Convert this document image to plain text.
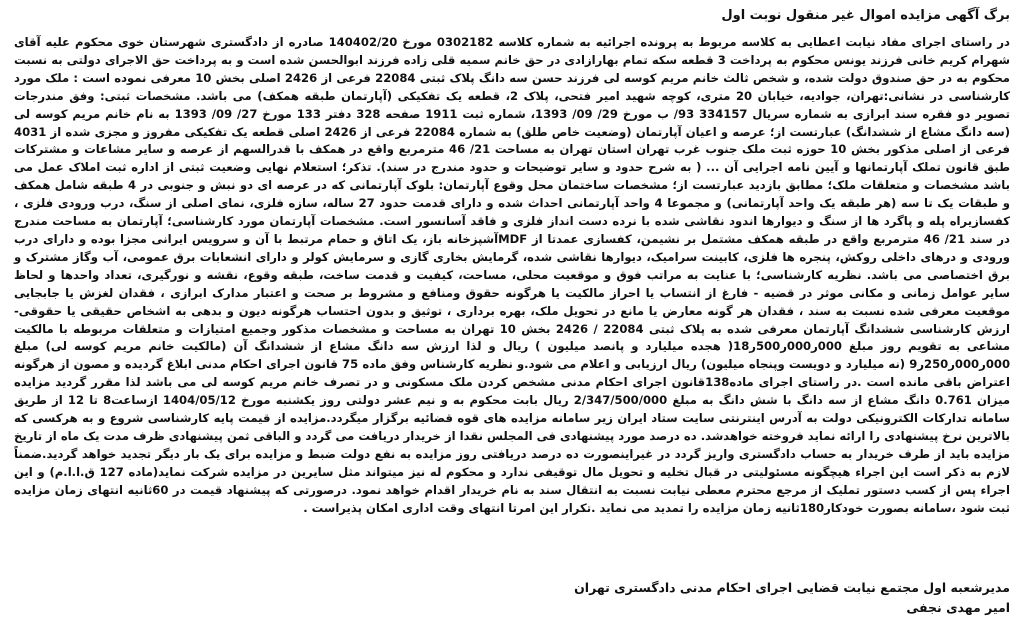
برگ آگهی مزایده اموال غیر منقول نوبت اول

در راستای اجرای مفاد نیابت اعطایی به کلاسه مربوط به پرونده اجرائیه به شماره کلاسه 0302182 مورخ 140402/20 صادره از دادگستری شهرستان خوی محکوم علیه آقای شهرام کریم خانی فرزند یونس محکوم به پرداخت 3 قطعه سکه تمام بهارازادی در حق خانم سمیه قلی زاده فرزند ابوالحسن شده است و به پرداخت حق الاجرای دولتی به نسبت محکوم به در حق صندوق دولت شده، و شخص ثالث خانم مریم کوسه لی فرزند حسن سه دانگ پلاک ثبتی 22084 فرعی از 2426 اصلی بخش 10 معرفی نموده است : ملک مورد کارشناسی در نشانی:تهران، جوادیه، خیابان 20 متری، کوچه شهید امیر فتحی، پلاک 2، قطعه یک تفکیکی (آپارتمان طبقه همکف) می باشد. مشخصات ثبتی: وفق مندرجات تصویر دو فقره سند ابرازی به شماره سریال 334157 93/ ب مورخ 29/ 09/ 1393، شماره ثبت 1911 صفحه 328 دفتر 133 مورخ 27/ 09/ 1393 به نام خانم مریم کوسه لی (سه دانگ مشاع از ششدانگ) عبارتست از؛ عرصه و اعیان آپارتمان (وضعیت خاص طلق) به شماره 22084 فرعی از 2426 اصلی قطعه یک تفکیکی مفروز و مجزی شده از 4031 فرعی از اصلی مذکور بخش 10 حوزه ثبت ملک جنوب غرب تهران استان تهران به مساحت 21/ 46 مترمربع واقع در همکف با قدرالسهم از عرصه و سایر مشاعات و مشترکات طبق قانون تملک آپارتمانها و آیین نامه اجرایی آن ... ( به شرح حدود و سایر توضیحات و حدود مندرج در سند). تذکر؛ استعلام نهایی وضعیت ثبتی از اداره ثبت املاک عمل می باشد مشخصات و متعلقات ملک؛ مطابق بازدید عبارتست از؛ مشخصات ساختمان محل وقوع آپارتمان: بلوک آپارتمانی که در عرصه ای دو نبش و جنوبی در 4 طبقه شامل همکف و طبقات یک تا سه (هر طبقه یک واحد آپارتمانی) و مجموعا 4 واحد آپارتمانی احداث شده و دارای قدمت حدود 27 ساله، سازه فلزی، نمای اصلی از سنگ، درب ورودی فلزی ، کفسازیراه پله و پاگرد ها از سنگ و دیوارها اندود نقاشی شده با نرده دست انداز فلزی و فاقد آسانسور است. مشخصات آپارتمان مورد کارشناسی؛ آپارتمان به مساحت مندرج در سند 21/ 46 مترمربع واقع در طبقه همکف مشتمل بر نشیمن، کفسازی عمدتا از MDFآشپزخانه باز، یک اتاق و حمام مرتبط با آن و سرویس ایرانی مجزا بوده و دارای درب ورودی و درهای داخلی روکش، پنجره ها فلزی، کابینت سرامیک، دیوارها نقاشی شده، گرمایش بخاری گازی و سرمایش کولر و دارای انشعابات برق عمومی، آب وگاز مشترک و برق اختصاصی می باشد. نظریه کارشناسی؛ با عنایت به مراتب فوق و موقعیت محلی، مساحت، کیفیت و قدمت ساخت، طبقه وقوع، نقشه و نورگیری، تعداد واحدها و لحاظ سایر عوامل زمانی و مکانی موثر در قضیه - فارغ از انتساب یا احراز مالکیت یا هرگونه حقوق ومنافع و مشروط بر صحت و اعتبار مدارک ابرازی ، فقدان لغزش یا جابجایی موقعیت معرفی شده نسبت به سند ، فقدان هر گونه معارض یا مانع در تحویل ملک، بهره برداری ، توثیق و بدون احتساب هرگونه دیون و بدهی به اشخاص حقیقی یا حقوقی-ارزش کارشناسی ششدانگ آپارتمان معرفی شده به پلاک ثبتی 22084 / 2426 بخش 10 تهران به مساحت و مشخصات مذکور وجمیع امتیازات و متعلقات مربوطه با مالکیت مشاعی به تقویم روز مبلغ 000ر000ر500ر18( هجده میلیارد و پانصد میلیون ) ریال و لذا ارزش سه دانگ مشاع از ششدانگ آن (مالکیت خانم مریم کوسه لی) مبلغ 000ر000ر250ر9 (نه میلیارد و دویست وپنجاه میلیون) ریال ارزیابی و اعلام می شود.و نظریه کارشناس وفق ماده 75 قانون اجرای احکام مدنی ابلاغ گردیده و مصون از هرگونه اعتراض باقی مانده است .در راستای اجرای ماده138قانون اجرای احکام مدنی مشخص کردن ملک مسکونی و در تصرف خانم مریم کوسه لی می باشد لذا مقرر گردید مزایده میزان 0.761 دانگ مشاع از سه دانگ با شش دانگ به مبلغ 2/347/500/000 ریال بابت محکوم به و نیم عشر دولتی روز یکشنبه مورخ 1404/05/12 ازساعت8 تا 12 از طریق سامانه تدارکات الکترونیکی دولت به آدرس اینترنتی سایت ستاد ایران زیر سامانه مزایده های قوه قضائیه برگزار میگردد.مزایده از قیمت پایه کارشناسی شروع و به هرکسی که بالاترین نرخ پیشنهادی را ارائه نماید فروخته خواهدشد. ده درصد مورد پیشنهادی فی المجلس نقدا از خریدار دریافت می گردد و الباقی ثمن پیشنهادی ظرف مدت یک ماه از تاریخ مزایده باید از طرف خریدار به حساب دادگستری واریز گردد در غیراینصورت ده درصد دریافتی روز مزایده به نفع دولت ضبط و مزایده برای یک بار دیگر تجدید خواهد گردید.ضمناً لازم به ذکر است این اجراء هیچگونه مسئولیتی در قبال تخلیه و تحویل مال توقیفی ندارد و محکوم له نیز میتواند مثل سایرین در مزایده شرکت نماید(ماده 127 ق.ا.ا.م) و این اجراء پس از کسب دستور تملیک از مرجع محترم معطی نیابت نسبت به انتقال سند به نام خریدار اقدام خواهد نمود. درصورتی که پیشنهاد قیمت در 60ثانیه انتهای زمان مزایده ثبت شود ،سامانه بصورت خودکار180ثانیه زمان مزایده را تمدید می نماید .تکرار این امرتا انتهای وقت اداری امکان پذیراست .

مدیرشعبه اول مجتمع نیابت قضایی اجرای احکام مدنی دادگستری تهران
امیر مهدی نجفی
